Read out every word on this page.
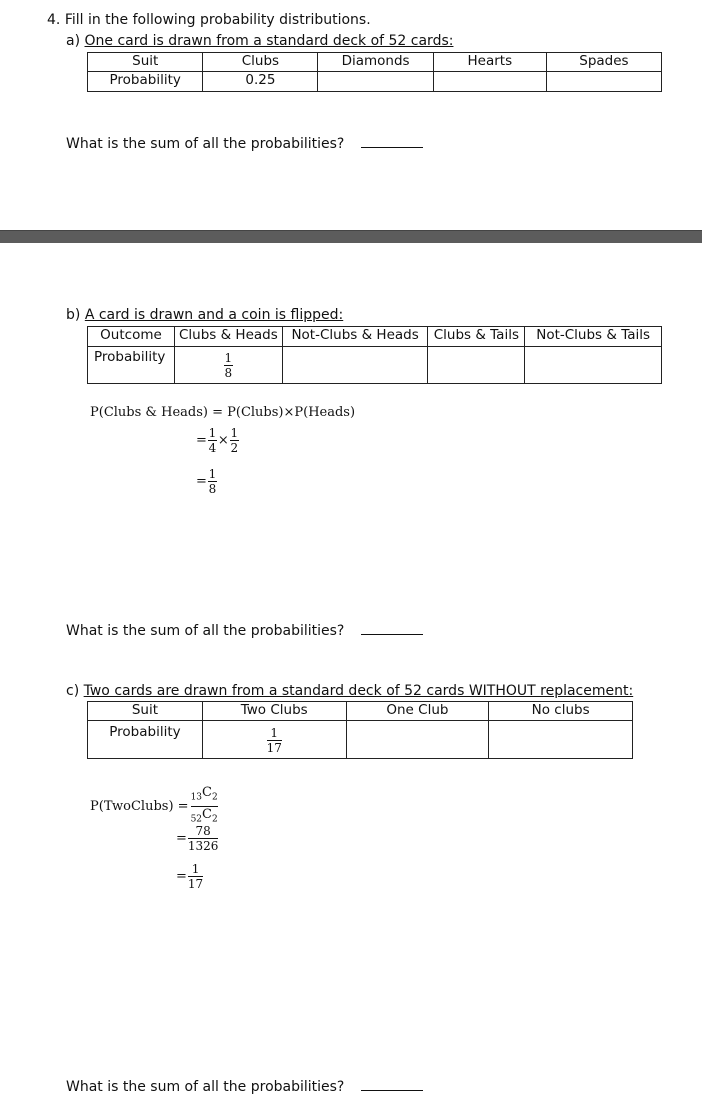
4. Fill in the following probability distributions.
a) One card is drawn from a standard deck of 52 cards:
Suit	Clubs	Diamonds	Hearts	Spades
Probability	0.25			
What is the sum of all the probabilities?
b) A card is drawn and a coin is flipped:
Outcome	Clubs & Heads	Not-Clubs & Heads	Clubs & Tails	Not-Clubs & Tails
Probability	$\frac{1}{8}$

P(Clubs & Heads) = P(Clubs)×P(Heads)
= $\frac{1}{4} \times \frac{1}{2}$
= $\frac{1}{8}$
What is the sum of all the probabilities?
c) Two cards are drawn from a standard deck of 52 cards WITHOUT replacement:
Suit	Two Clubs	One Club	No clubs
Probability	$\frac{1}{17}$

P(TwoClubs) = $\frac{_{13}C_2}{_{52}C_2}$
= $\frac{78}{1326}$
= $\frac{1}{17}$
What is the sum of all the probabilities?
